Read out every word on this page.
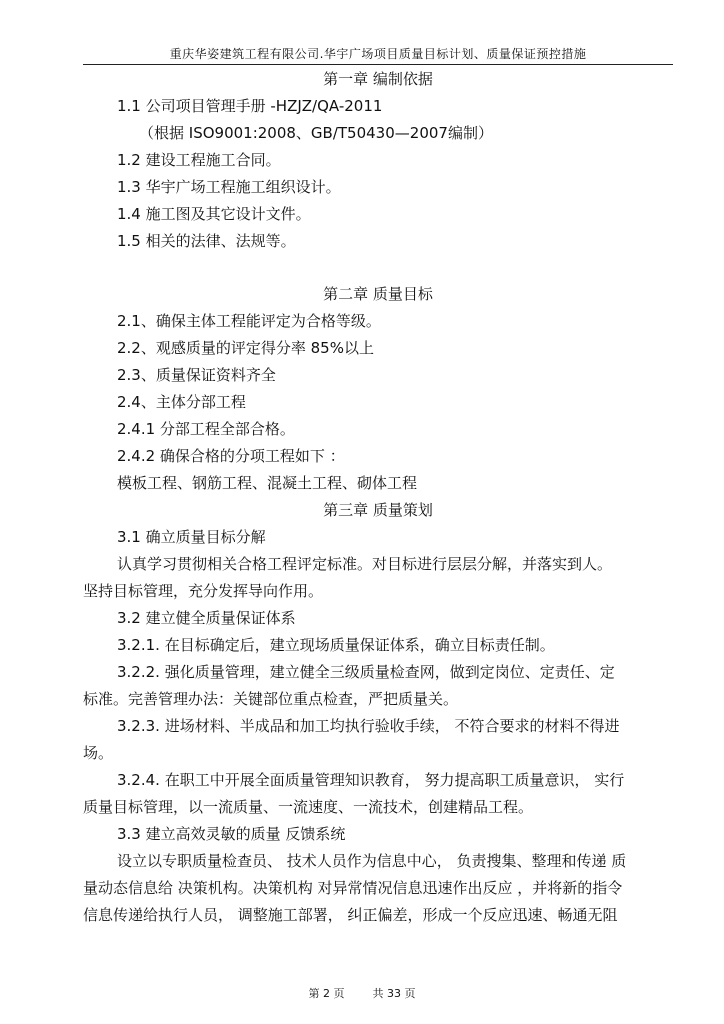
重庆华姿建筑工程有限公司.华宇广场项目质量目标计划、质量保证预控措施
第一章 编制依据
1.1 公司项目管理手册 -HZJZ/QA-2011
（根据 ISO9001:2008、GB/T50430—2007编制）
1.2 建设工程施工合同。
1.3 华宇广场工程施工组织设计。
1.4 施工图及其它设计文件。
1.5 相关的法律、法规等。
第二章 质量目标
2.1、确保主体工程能评定为合格等级。
2.2、观感质量的评定得分率 85%以上
2.3、质量保证资料齐全
2.4、主体分部工程
2.4.1 分部工程全部合格。
2.4.2 确保合格的分项工程如下 ：
模板工程、钢筋工程、混凝土工程、砌体工程
第三章 质量策划
3.1 确立质量目标分解
认真学习贯彻相关合格工程评定标准。对目标进行层层分解，并落实到人。
坚持目标管理，充分发挥导向作用。
3.2 建立健全质量保证体系
3.2.1. 在目标确定后，建立现场质量保证体系，确立目标责任制。
3.2.2. 强化质量管理，建立健全三级质量检查网，做到定岗位、定责任、定
标准。完善管理办法：关键部位重点检查，严把质量关。
3.2.3. 进场材料、半成品和加工均执行验收手续， 不符合要求的材料不得进
场。
3.2.4. 在职工中开展全面质量管理知识教育， 努力提高职工质量意识， 实行
质量目标管理，以一流质量、一流速度、一流技术，创建精品工程。
3.3 建立高效灵敏的质量 反馈系统
设立以专职质量检查员、 技术人员作为信息中心， 负责搜集、整理和传递 质
量动态信息给 决策机构。决策机构 对异常情况信息迅速作出反应 ，并将新的指令
信息传递给执行人员， 调整施工部署， 纠正偏差，形成一个反应迅速、畅通无阻
第 2 页	共 33 页
